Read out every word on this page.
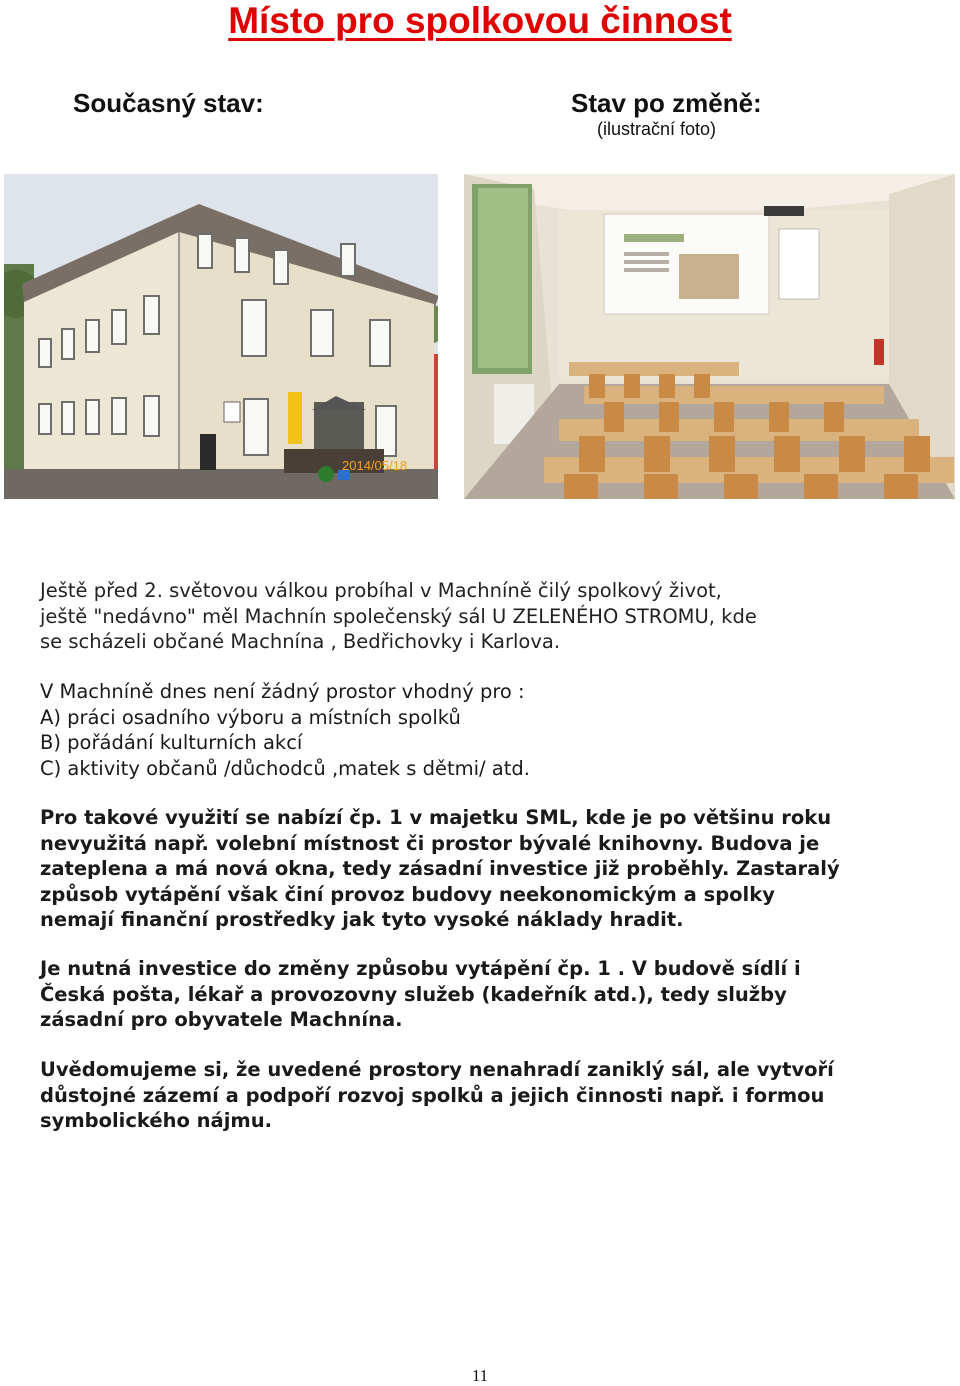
Místo pro spolkovou činnost
Současný stav:	Stav po změně:
(ilustrační foto)
2014/05/18
Ještě před 2. světovou válkou probíhal v Machníně čilý spolkový život,
ještě "nedávno" měl Machnín společenský sál U ZELENÉHO STROMU, kde
se scházeli občané Machnína , Bedřichovky i Karlova.
V Machníně dnes není žádný prostor vhodný pro :
A) práci osadního výboru a místních spolků
B) pořádání kulturních akcí
C) aktivity občanů /důchodců ,matek s dětmi/ atd.
Pro takové využití se nabízí čp. 1 v majetku SML, kde je po většinu roku
nevyužitá např. volební místnost či prostor bývalé knihovny. Budova je
zateplena a má nová okna, tedy zásadní investice již proběhly. Zastaralý
způsob vytápění však činí provoz budovy neekonomickým a spolky
nemají finanční prostředky jak tyto vysoké náklady hradit.
Je nutná investice do změny způsobu vytápění čp. 1 . V budově sídlí i
Česká pošta, lékař a provozovny služeb (kadeřník atd.), tedy služby
zásadní pro obyvatele Machnína.
Uvědomujeme si, že uvedené prostory nenahradí zaniklý sál, ale vytvoří
důstojné zázemí a podpoří rozvoj spolků a jejich činnosti např. i formou
symbolického nájmu.
11
